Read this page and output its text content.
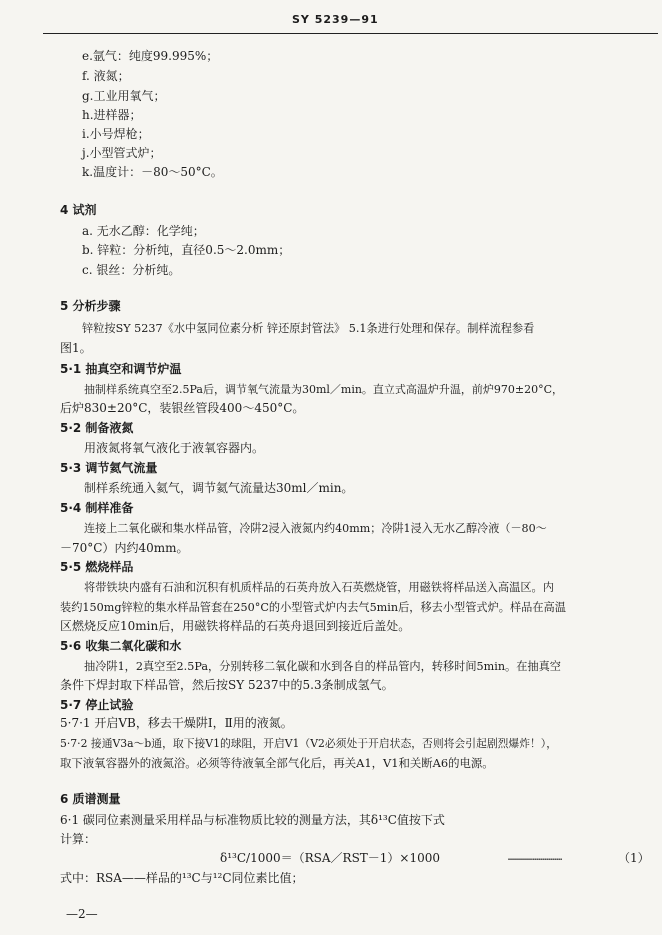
SY 5239—91
e.氩气：纯度99.995%；
f. 液氮；
g.工业用氧气；
h.进样器；
i.小号焊枪；
j.小型管式炉；
k.温度计：－80～50°C。
4 试剂
a. 无水乙醇：化学纯；
b. 锌粒：分析纯，直径0.5～2.0mm；
c. 银丝：分析纯。
5 分析步骤
锌粒按SY 5237《水中氢同位素分析 锌还原封管法》 5.1条进行处理和保存。制样流程参看
图1。
5·1 抽真空和调节炉温
抽制样系统真空至2.5Pa后，调节氧气流量为30ml／min。直立式高温炉升温，前炉970±20°C，
后炉830±20°C，装银丝管段400～450°C。
5·2 制备液氮
用液氮将氧气液化于液氧容器内。
5·3 调节氦气流量
制样系统通入氦气，调节氦气流量达30ml／min。
5·4 制样准备
连接上二氧化碳和集水样品管，冷阱2浸入液氮内约40mm；冷阱1浸入无水乙醇冷液（－80～
－70°C）内约40mm。
5·5 燃烧样品
将带铁块内盛有石油和沉积有机质样品的石英舟放入石英燃烧管，用磁铁将样品送入高温区。内
装约150mg锌粒的集水样品管套在250°C的小型管式炉内去气5min后，移去小型管式炉。样品在高温
区燃烧反应10min后，用磁铁将样品的石英舟退回到接近后盖处。
5·6 收集二氧化碳和水
抽冷阱1，2真空至2.5Pa，分别转移二氧化碳和水到各自的样品管内，转移时间5min。在抽真空
条件下焊封取下样品管，然后按SY 5237中的5.3条制成氢气。
5·7 停止试验
5·7·1 开启VB，移去干燥阱Ⅰ，Ⅱ用的液氮。
5·7·2 接通V3a～b通，取下接V1的球阻，开启V1（V2必须处于开启状态，否则将会引起剧烈爆炸！），
取下液氧容器外的液氮浴。必须等待液氧全部气化后，再关A1，V1和关断A6的电源。
6 质谱测量
6·1 碳同位素测量采用样品与标准物质比较的测量方法，其δ¹³C值按下式
计算：
δ¹³C/1000＝（RSA／RST－1）×1000	………………………	（1）
式中：RSA——样品的¹³C与¹²C同位素比值；
—2—
